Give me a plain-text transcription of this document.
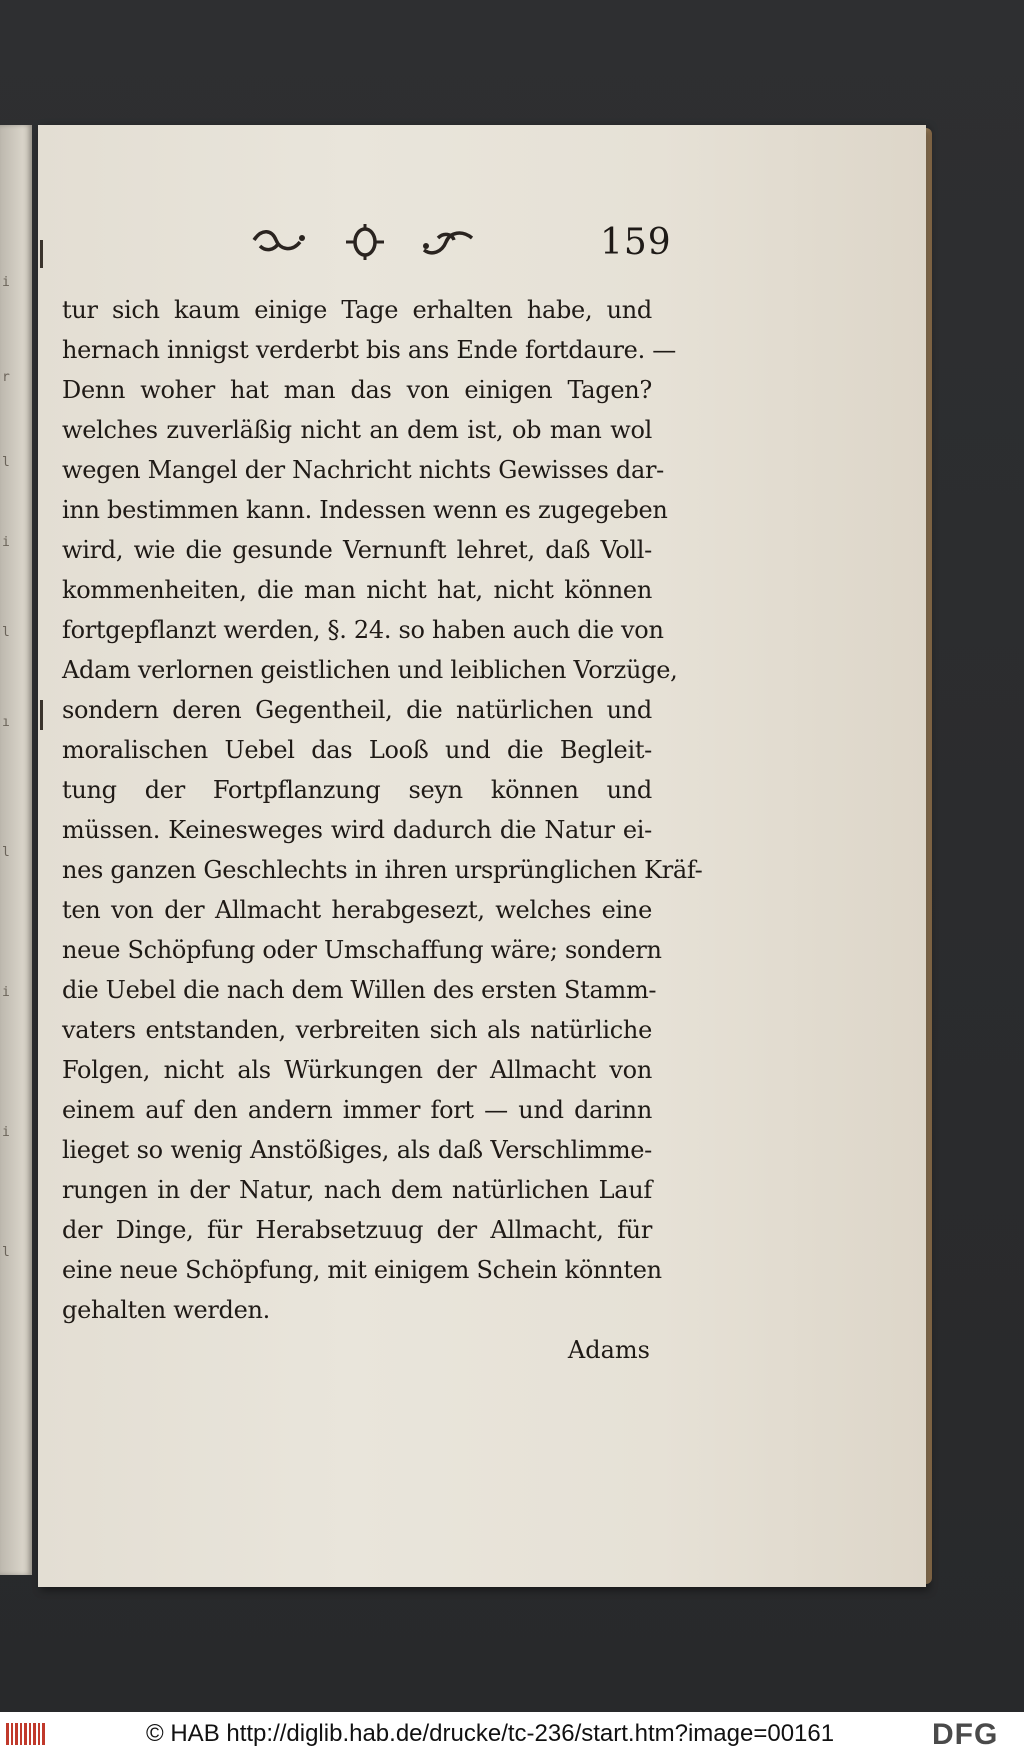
i
r
l
i
l
ı
l
i
i
l
159
tur sich kaum einige Tage erhalten habe, und
hernach innigst verderbt bis ans Ende fortdaure. —
Denn woher hat man das von einigen Tagen?
welches zuverläßig nicht an dem ist, ob man wol
wegen Mangel der Nachricht nichts Gewisses dar-
inn bestimmen kann. Indessen wenn es zugegeben
wird, wie die gesunde Vernunft lehret, daß Voll-
kommenheiten, die man nicht hat, nicht können
fortgepflanzt werden, §. 24. so haben auch die von
Adam verlornen geistlichen und leiblichen Vorzüge,
sondern deren Gegentheil, die natürlichen und
moralischen Uebel das Looß und die Begleit-
tung der Fortpflanzung seyn können und
müssen. Keinesweges wird dadurch die Natur ei-
nes ganzen Geschlechts in ihren ursprünglichen Kräf-
ten von der Allmacht herabgesezt, welches eine
neue Schöpfung oder Umschaffung wäre; sondern
die Uebel die nach dem Willen des ersten Stamm-
vaters entstanden, verbreiten sich als natürliche
Folgen, nicht als Würkungen der Allmacht von
einem auf den andern immer fort — und darinn
lieget so wenig Anstößiges, als daß Verschlimme-
rungen in der Natur, nach dem natürlichen Lauf
der Dinge, für Herabsetzuug der Allmacht, für
eine neue Schöpfung, mit einigem Schein könnten
gehalten werden.
Adams
© HAB http://diglib.hab.de/drucke/tc-236/start.htm?image=00161	DFG
